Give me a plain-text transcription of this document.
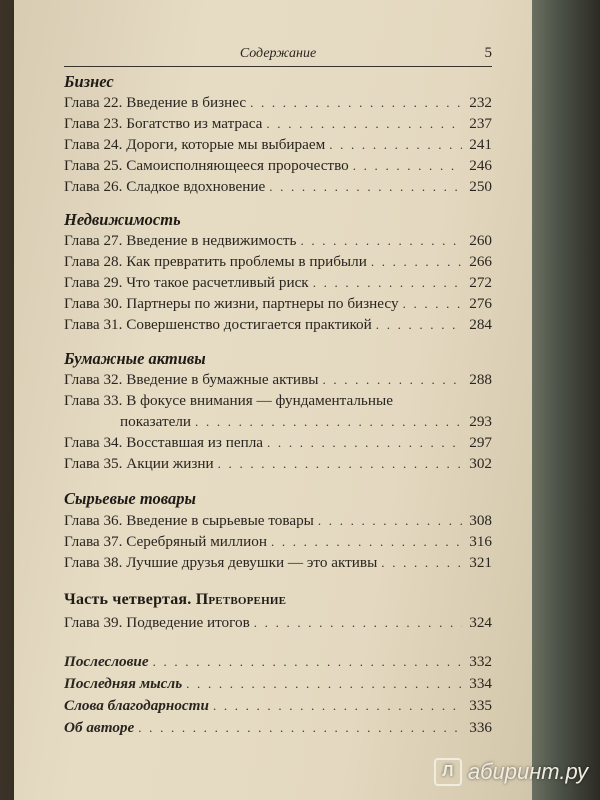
Содержание	5
Бизнес
Глава 22. Введение в бизнес . . .	232
Глава 23. Богатство из матраса . . .	237
Глава 24. Дороги, которые мы выбираем . . .	241
Глава 25. Самоисполняющееся пророчество . . .	246
Глава 26. Сладкое вдохновение . . .	250
Недвижимость
Глава 27. Введение в недвижимость . . .	260
Глава 28. Как превратить проблемы в прибыли . . .	266
Глава 29. Что такое расчетливый риск . . .	272
Глава 30. Партнеры по жизни, партнеры по бизнесу . . .	276
Глава 31. Совершенство достигается практикой . . .	284
Бумажные активы
Глава 32. Введение в бумажные активы . . .	288
Глава 33. В фокусе внимания — фундаментальные
показатели . . .	293
Глава 34. Восставшая из пепла . . .	297
Глава 35. Акции жизни . . .	302
Сырьевые товары
Глава 36. Введение в сырьевые товары . . .	308
Глава 37. Серебряный миллион . . .	316
Глава 38. Лучшие друзья девушки — это активы . . .	321
Часть четвертая. Претворение
Глава 39. Подведение итогов . . .	324
Послесловие . . .	332
Последняя мысль . . .	334
Слова благодарности . . .	335
Об авторе . . .	336
Л абиринт.ру
